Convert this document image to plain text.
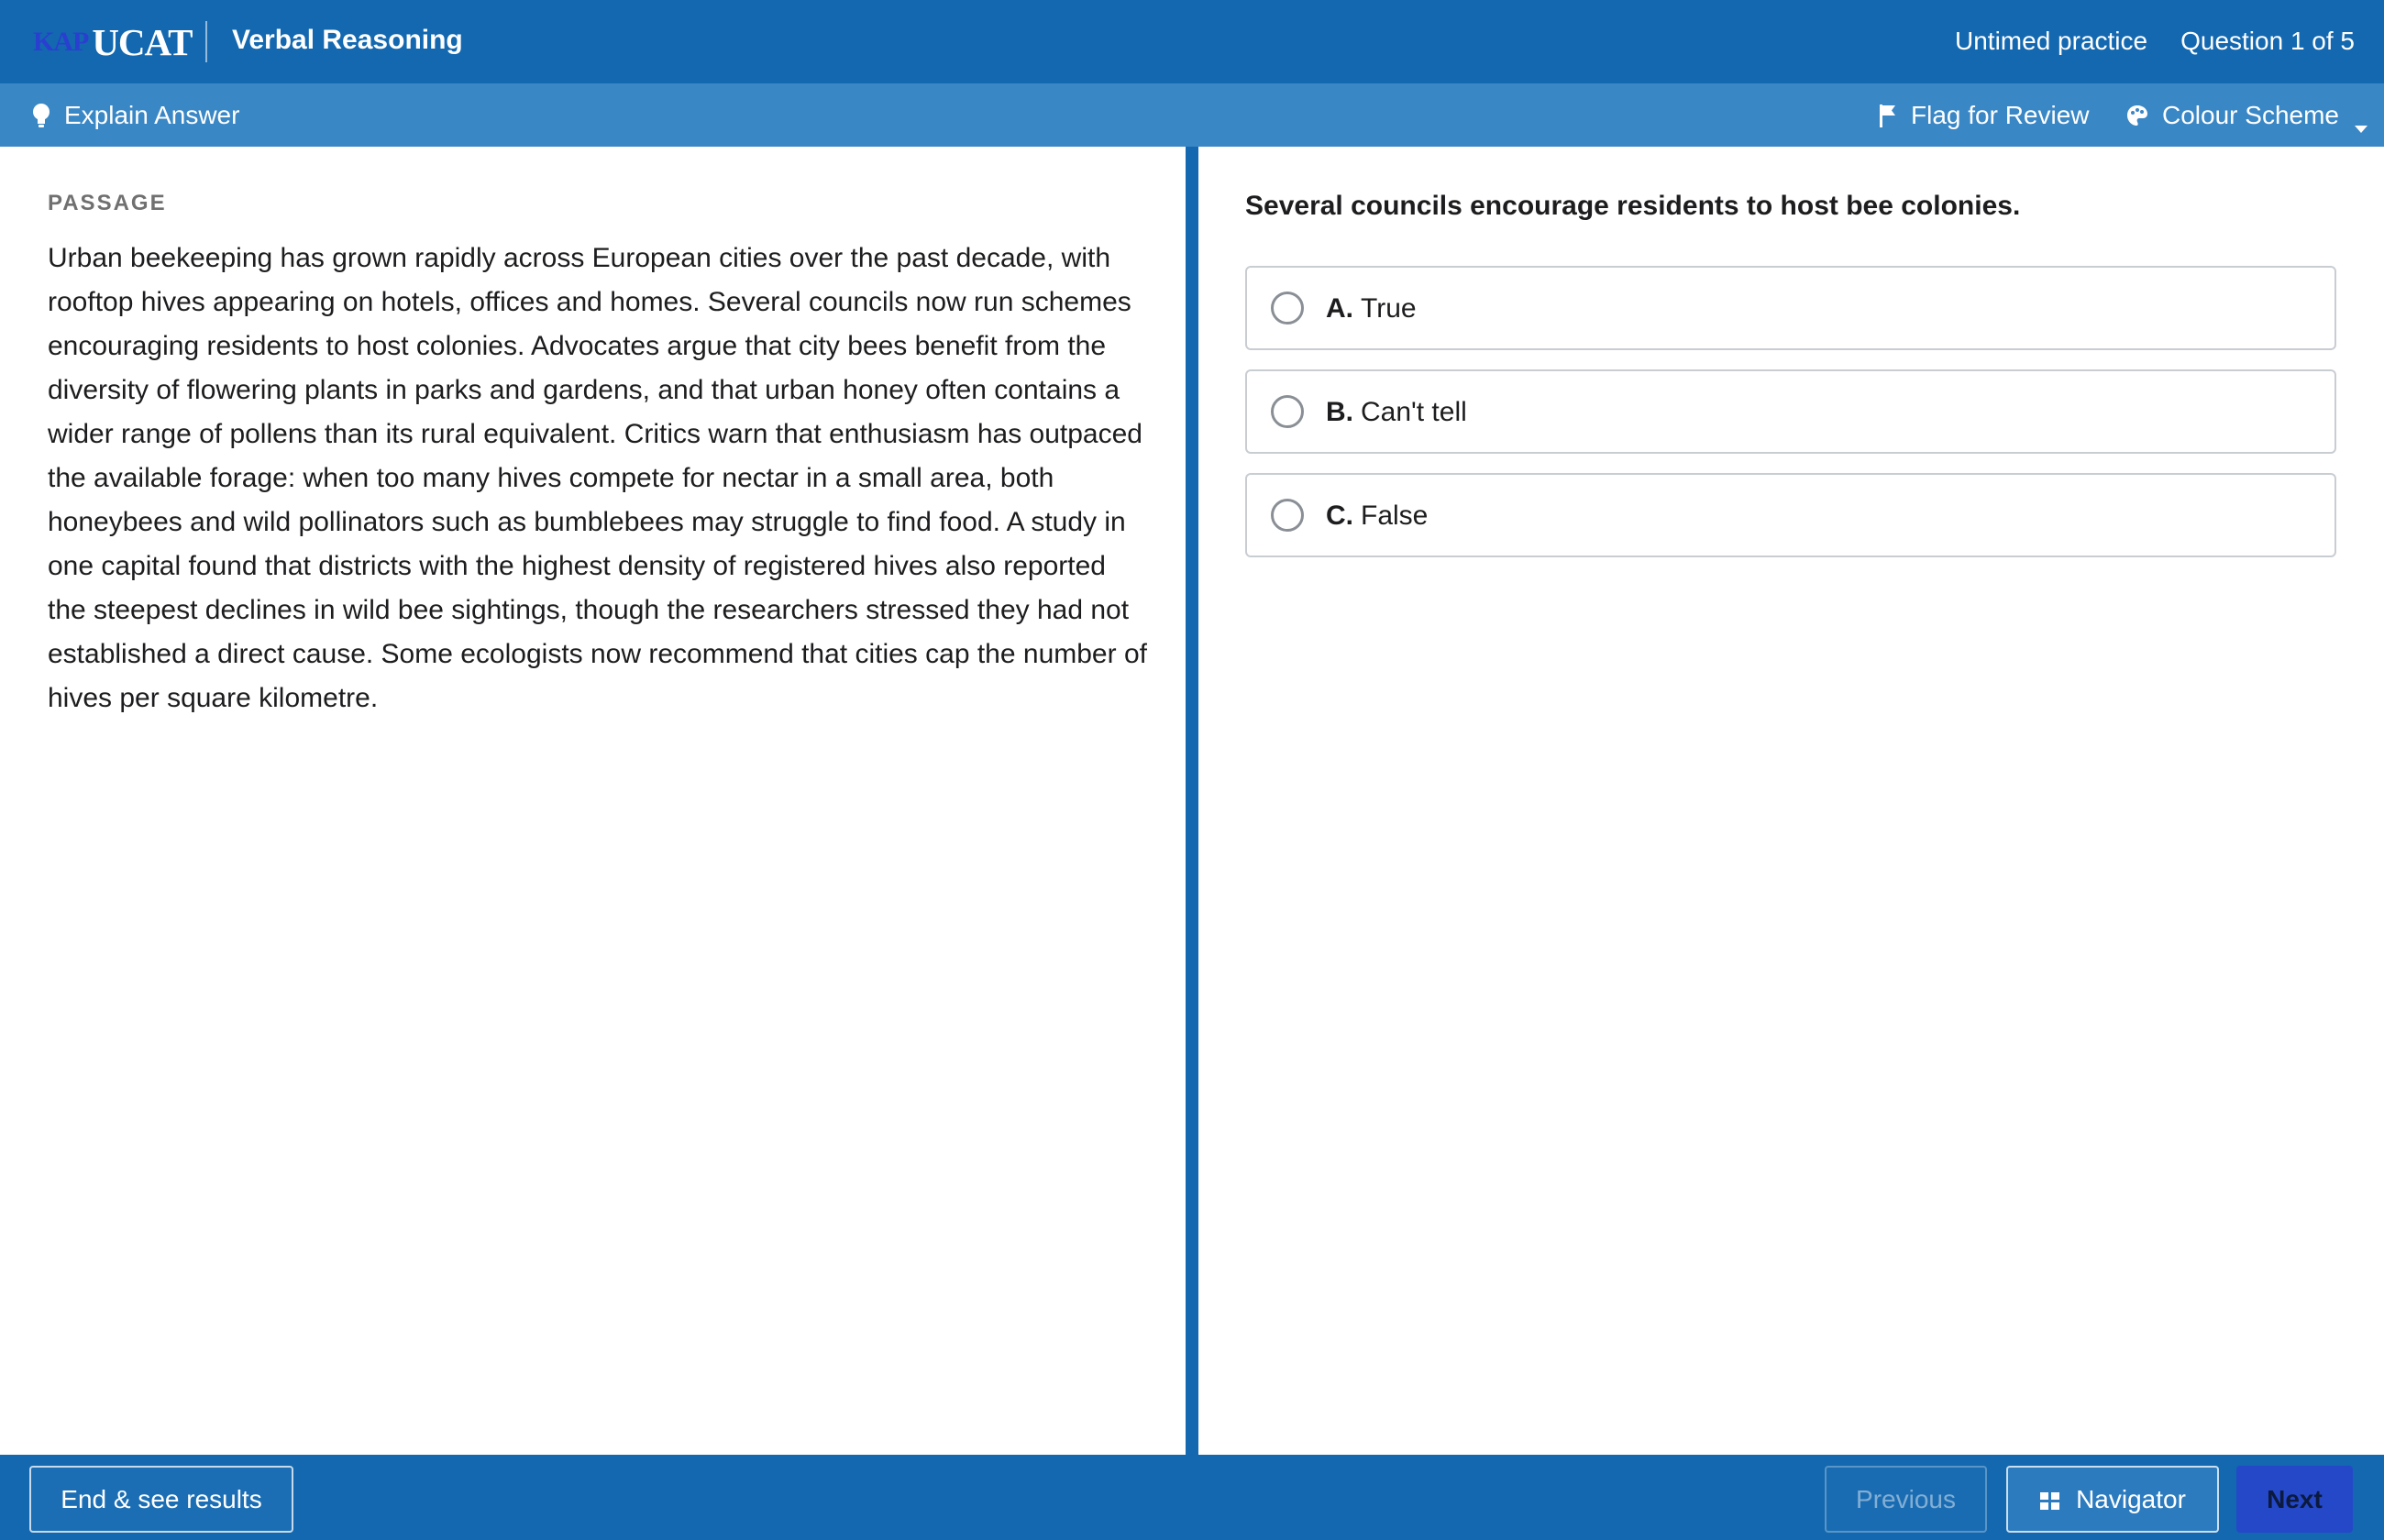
KAP UCAT Verbal Reasoning	Untimed practice Question 1 of 5
Explain Answer	Flag for Review	Colour Scheme
PASSAGE

Urban beekeeping has grown rapidly across European cities over the past decade, with rooftop hives appearing on hotels, offices and homes. Several councils now run schemes encouraging residents to host colonies. Advocates argue that city bees benefit from the diversity of flowering plants in parks and gardens, and that urban honey often contains a wider range of pollens than its rural equivalent. Critics warn that enthusiasm has outpaced the available forage: when too many hives compete for nectar in a small area, both honeybees and wild pollinators such as bumblebees may struggle to find food. A study in one capital found that districts with the highest density of registered hives also reported the steepest declines in wild bee sightings, though the researchers stressed they had not established a direct cause. Some ecologists now recommend that cities cap the number of hives per square kilometre.

Several councils encourage residents to host bee colonies.
A. True
B. Can't tell
C. False
End & see results	Previous	Navigator	Next
